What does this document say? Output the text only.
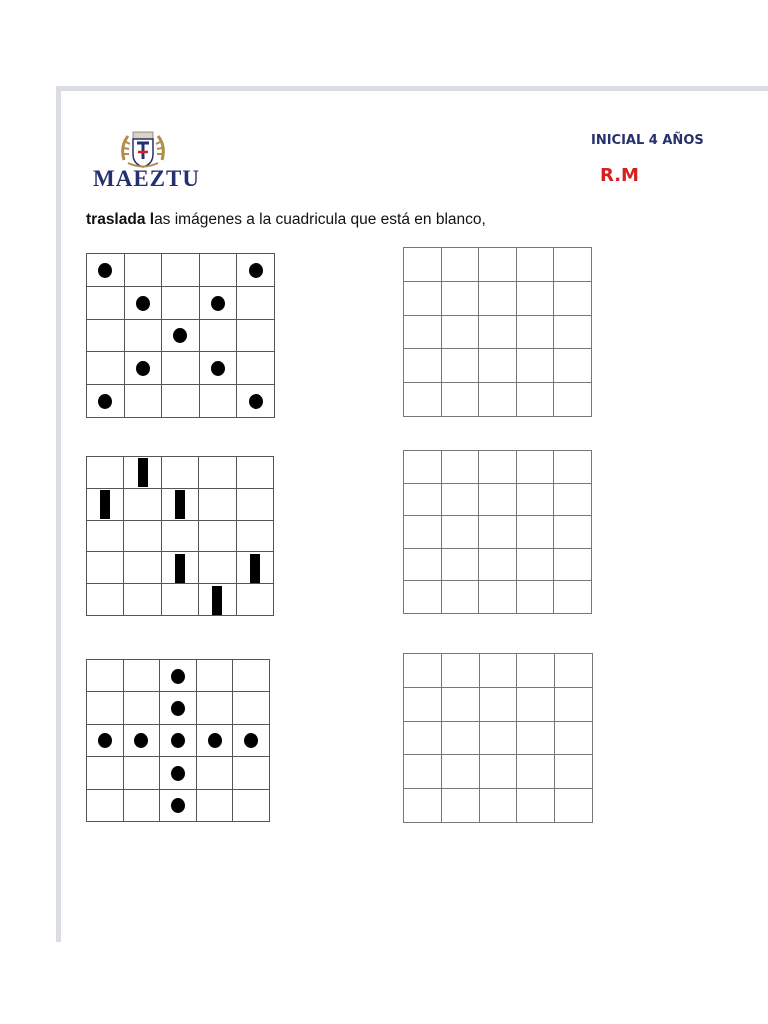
MAEZTU
INICIAL 4 AÑOS
R.M
traslada las imágenes a la cuadricula que está en blanco,
